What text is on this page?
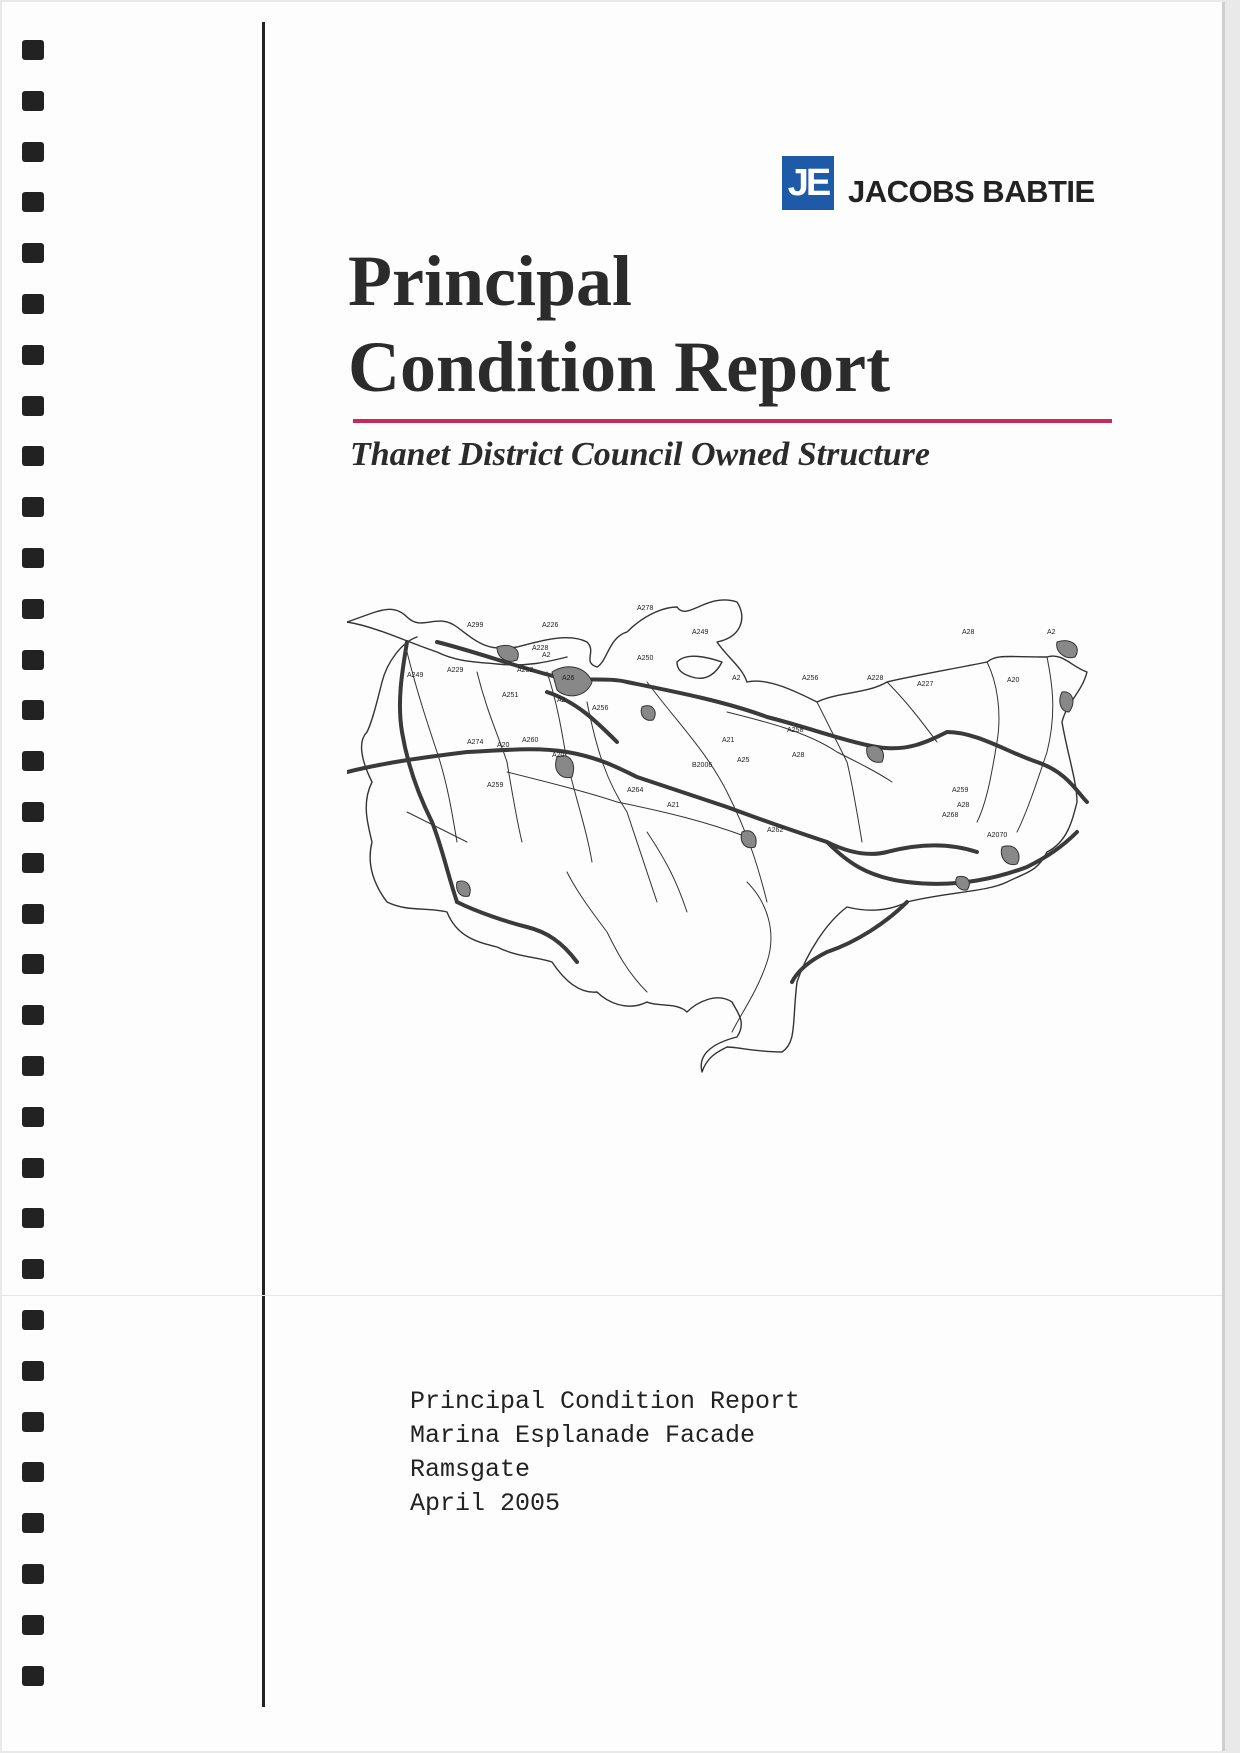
JE JACOBS BABTIE
Principal
Condition Report
Thanet District Council Owned Structure
A278
A226
A2
A249
A299
A28	A2
A250
A2	A256	A228	A20
A227
A228
A229
A249
A251
A252
A26
A2
A256
A258
A28
A25
B2006
A21
A274 A20
A260
A20
A264
A21
A262
A28
A2070
A259
A268
A259
Principal Condition Report
Marina Esplanade Facade
Ramsgate
April 2005
